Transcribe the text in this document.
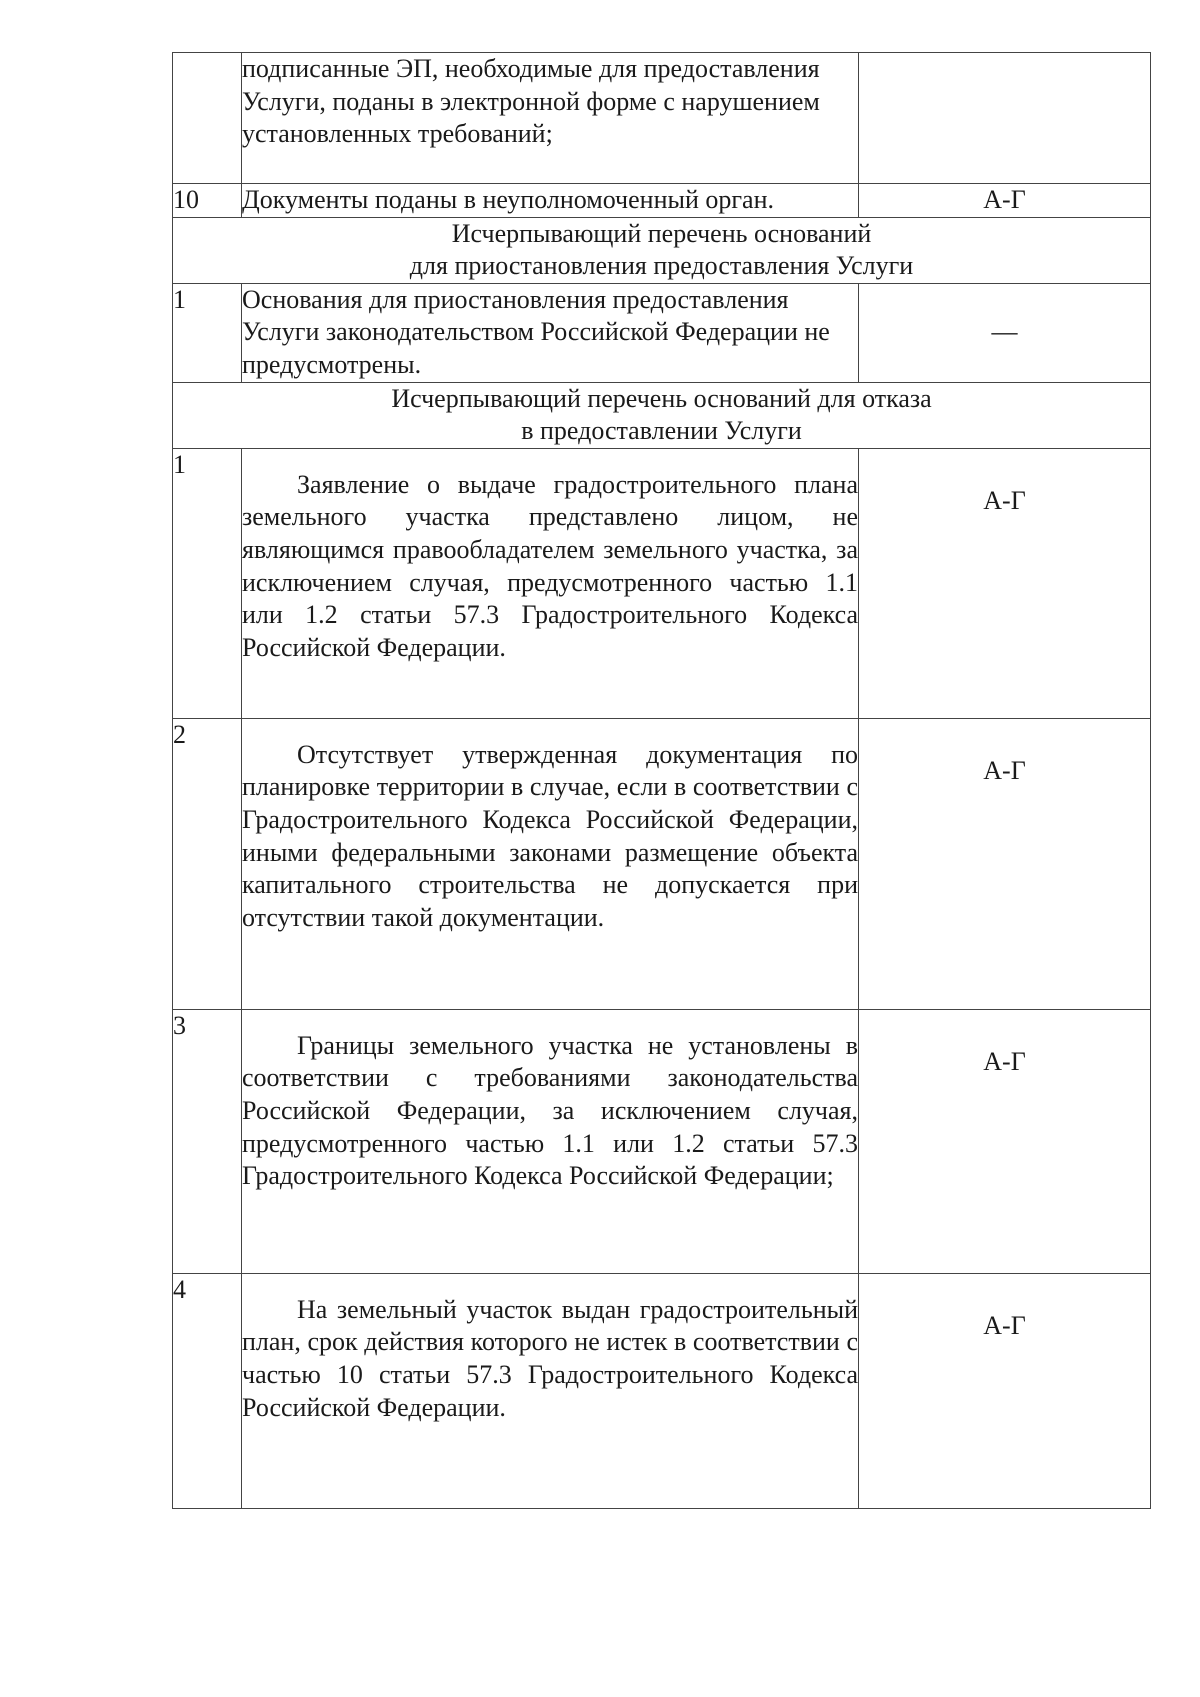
	подписанные ЭП, необходимые для предоставления Услуги, поданы в электронной форме с нарушением установленных требований;	

10	Документы поданы в неуполномоченный орган.	А-Г

Исчерпывающий перечень оснований
для приостановления предоставления Услуги		

1	Основания для приостановления предоставления Услуги законодательством Российской Федерации не предусмотрены.	—

Исчерпывающий перечень оснований для отказа
в предоставлении Услуги		

1	Заявление о выдаче градостроительного плана земельного участка представлено лицом, не являющимся правообладателем земельного участка, за исключением случая, предусмотренного частью 1.1 или 1.2 статьи 57.3 Градостроительного Кодекса Российской Федерации.	А-Г

2	Отсутствует утвержденная документация по планировке территории в случае, если в соответствии с Градостроительного Кодекса Российской Федерации, иными федеральными законами размещение объекта капитального строительства не допускается при отсутствии такой документации.	А-Г

3	Границы земельного участка не установлены в соответствии с требованиями законодательства Российской Федерации, за исключением случая, предусмотренного частью 1.1 или 1.2 статьи 57.3 Градостроительного Кодекса Российской Федерации;	А-Г

4	На земельный участок выдан градостроительный план, срок действия которого не истек в соответствии с частью 10 статьи 57.3 Градостроительного Кодекса Российской Федерации.	А-Г
